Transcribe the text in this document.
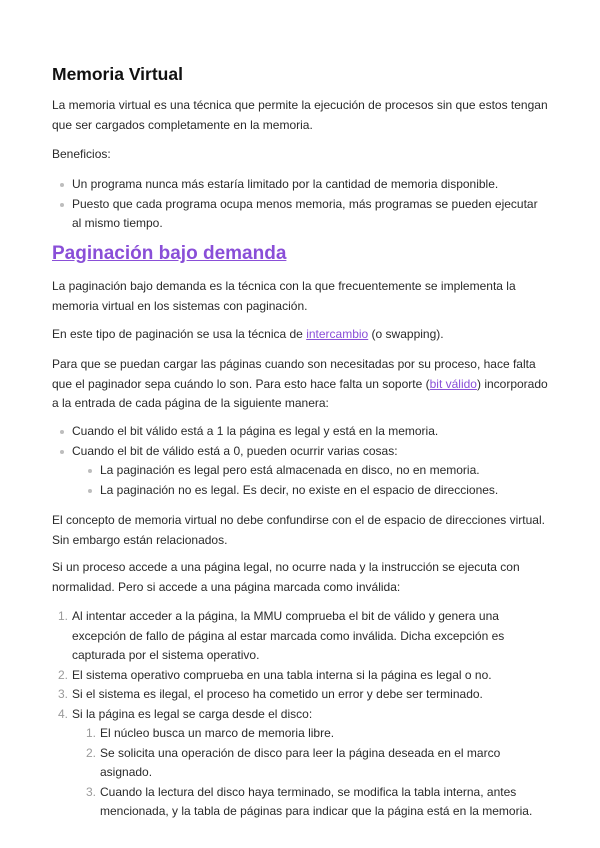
Memoria Virtual

La memoria virtual es una técnica que permite la ejecución de procesos sin que estos tengan que ser cargados completamente en la memoria.

Beneficios:

Un programa nunca más estaría limitado por la cantidad de memoria disponible.
Puesto que cada programa ocupa menos memoria, más programas se pueden ejecutar al mismo tiempo.
Paginación bajo demanda

La paginación bajo demanda es la técnica con la que frecuentemente se implementa la memoria virtual en los sistemas con paginación.

En este tipo de paginación se usa la técnica de intercambio (o swapping).

Para que se puedan cargar las páginas cuando son necesitadas por su proceso, hace falta que el paginador sepa cuándo lo son. Para esto hace falta un soporte (bit válido) incorporado a la entrada de cada página de la siguiente manera:

Cuando el bit válido está a 1 la página es legal y está en la memoria.
Cuando el bit de válido está a 0, pueden ocurrir varias cosas:
La paginación es legal pero está almacenada en disco, no en memoria.
La paginación no es legal. Es decir, no existe en el espacio de direcciones.

El concepto de memoria virtual no debe confundirse con el de espacio de direcciones virtual. Sin embargo están relacionados.

Si un proceso accede a una página legal, no ocurre nada y la instrucción se ejecuta con normalidad. Pero si accede a una página marcada como inválida:

1. Al intentar acceder a la página, la MMU comprueba el bit de válido y genera una excepción de fallo de página al estar marcada como inválida. Dicha excepción es capturada por el sistema operativo.
2. El sistema operativo comprueba en una tabla interna si la página es legal o no.
3. Si el sistema es ilegal, el proceso ha cometido un error y debe ser terminado.
4. Si la página es legal se carga desde el disco:
1. El núcleo busca un marco de memoria libre.
2. Se solicita una operación de disco para leer la página deseada en el marco asignado.
3. Cuando la lectura del disco haya terminado, se modifica la tabla interna, antes mencionada, y la tabla de páginas para indicar que la página está en la memoria.
